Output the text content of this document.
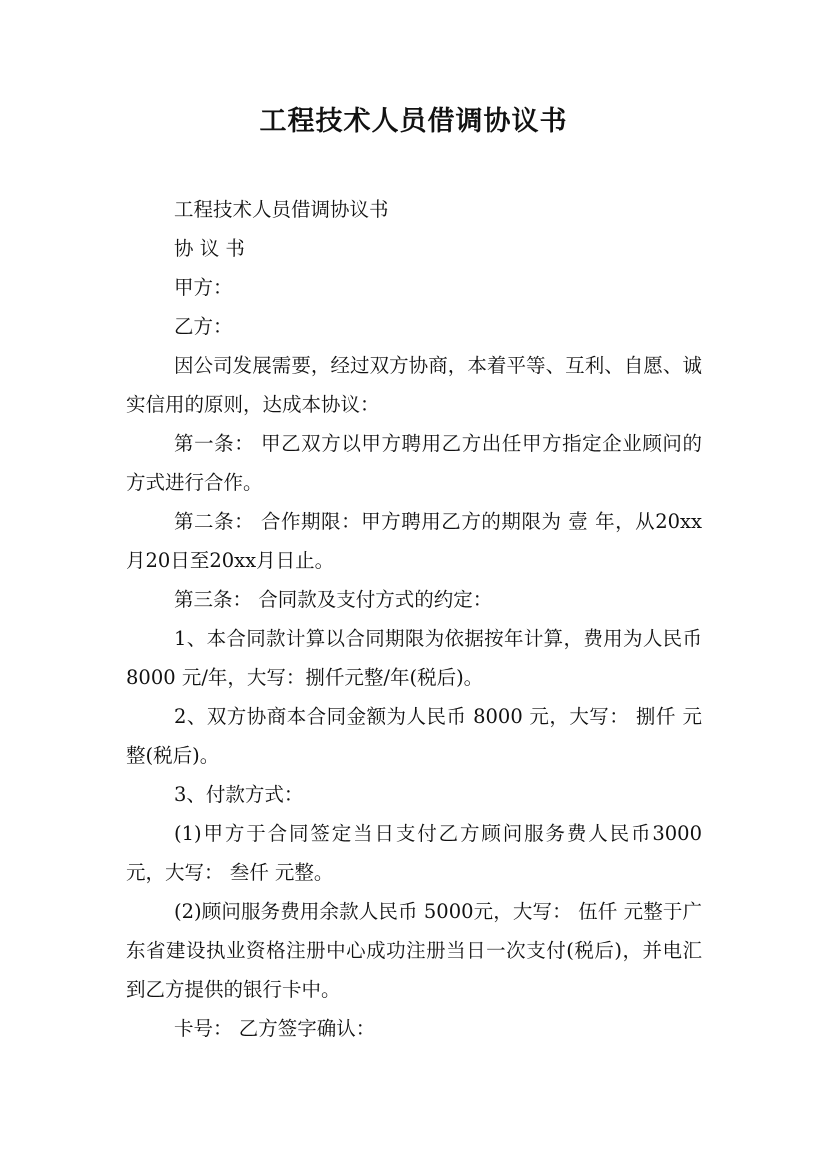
工程技术人员借调协议书

工程技术人员借调协议书

协 议 书

甲方：

乙方：

因公司发展需要，经过双方协商，本着平等、互利、自愿、诚实信用的原则，达成本协议：

第一条： 甲乙双方以甲方聘用乙方出任甲方指定企业顾问的方式进行合作。

第二条： 合作期限：甲方聘用乙方的期限为 壹 年，从20xx月20日至20xx月日止。

第三条： 合同款及支付方式的约定：

1、本合同款计算以合同期限为依据按年计算，费用为人民币 8000 元/年，大写：捌仟元整/年(税后)。

2、双方协商本合同金额为人民币 8000 元，大写： 捌仟 元整(税后)。

3、付款方式：

(1)甲方于合同签定当日支付乙方顾问服务费人民币3000 元，大写： 叁仟 元整。

(2)顾问服务费用余款人民币 5000元，大写： 伍仟 元整于广东省建设执业资格注册中心成功注册当日一次支付(税后)，并电汇到乙方提供的银行卡中。

卡号： 乙方签字确认：
